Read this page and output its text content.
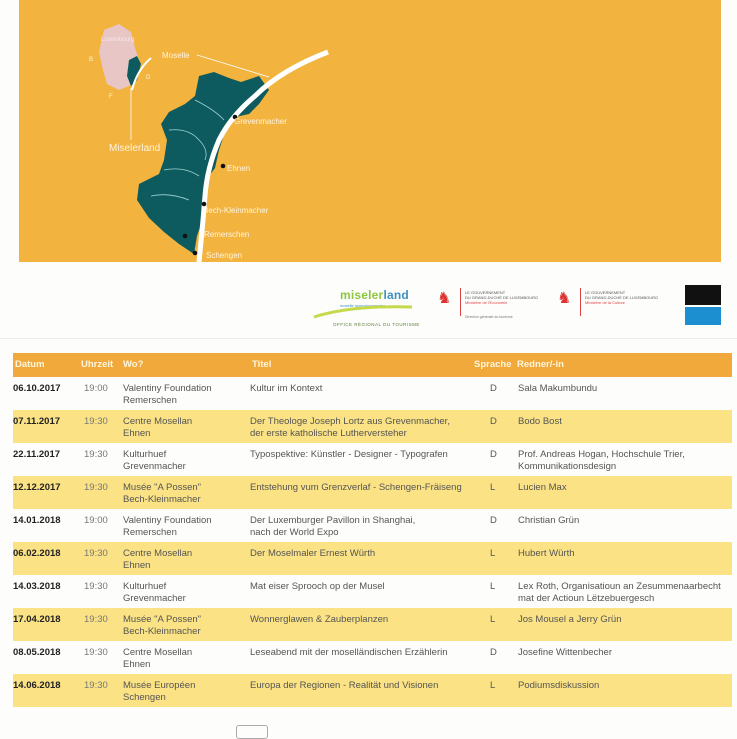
Luxembourg
B
D
F
Moselle
Miselerland
Grevenmacher
Ehnen
Bech-Kleinmacher
Remerschen
Schengen
miselerland
moselle luxembourgeoise
OFFICE RÉGIONAL DU TOURISME
♞	LE GOUVERNEMENT
DU GRAND-DUCHÉ DE LUXEMBOURG
Ministère de l'Économie
Direction générale du tourisme
♞	LE GOUVERNEMENT
DU GRAND-DUCHÉ DE LUXEMBOURG
Ministère de la Culture
Datum	Uhrzeit Wo?	Titel	Sprache Redner/-in
06.10.2017 19:00 Valentiny Foundation
Remerschen
Kultur im Kontext	D Sala Makumbundu

07.11.2017	19:30 Centre Mosellan
Ehnen
Der Theologe Joseph Lortz aus Grevenmacher,
der erste katholische Lutherversteher
D Bodo Bost

22.11.2017	19:30 Kulturhuef
Grevenmacher
Typospektive: Künstler - Designer - Typografen	D Prof. Andreas Hogan, Hochschule Trier,
Kommunikationsdesign
12.12.2017 19:30 Musée "A Possen"
Bech-Kleinmacher
Entstehung vum Grenzverlaf - Schengen-Fräiseng	L Lucien Max

14.01.2018 19:00 Valentiny Foundation
Remerschen
Der Luxemburger Pavillon in Shanghai,
nach der World Expo
D Christian Grün

06.02.2018 19:30 Centre Mosellan
Ehnen
Der Moselmaler Ernest Würth	L Hubert Würth

14.03.2018 19:30 Kulturhuef
Grevenmacher
Mat eiser Sprooch op der Musel	L Lex Roth, Organisatioun an Zesummenaarbecht
mat der Actioun Lëtzebuergesch
17.04.2018 19:30 Musée "A Possen"
Bech-Kleinmacher
Wonnerglawen & Zauberplanzen	L Jos Mousel a Jerry Grün

08.05.2018 19:30 Centre Mosellan
Ehnen
Leseabend mit der moselländischen Erzählerin	D Josefine Wittenbecher

14.06.2018 19:30 Musée Européen
Schengen
Europa der Regionen - Realität und Visionen	L Podiumsdiskussion
